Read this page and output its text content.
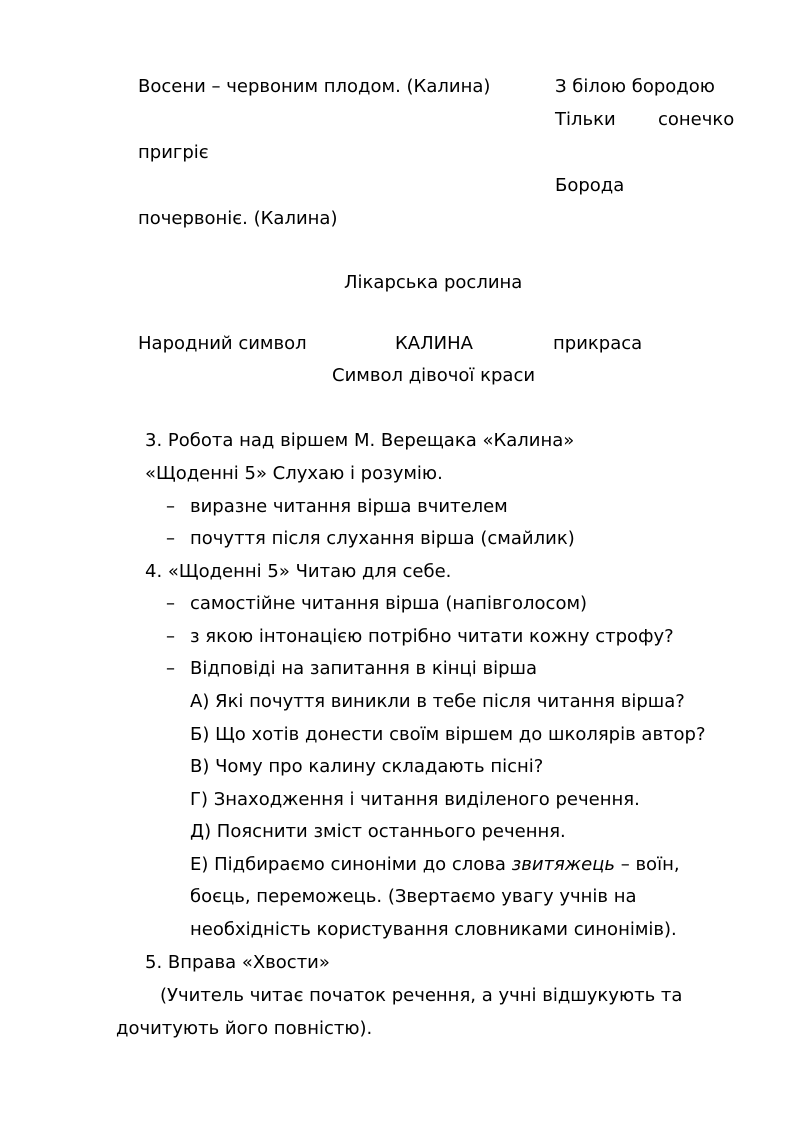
Восени – червоним плодом. (Калина)	З білою бородою
Тільки сонечко
пригріє
Борода
почервоніє. (Калина)
Лікарська рослина
Народний символ	КАЛИНА	прикраса
Символ дівочої краси
3. Робота над віршем М. Верещака «Калина»
«Щоденні 5» Слухаю і розумію.
– виразне читання вірша вчителем
– почуття після слухання вірша (смайлик)
4. «Щоденні 5» Читаю для себе.
– самостійне читання вірша (напівголосом)
– з якою інтонацією потрібно читати кожну строфу?
– Відповіді на запитання в кінці вірша
А) Які почуття виникли в тебе після читання вірша?
Б) Що хотів донести своїм віршем до школярів автор?
В) Чому про калину складають пісні?
Г) Знаходження і читання виділеного речення.
Д) Пояснити зміст останнього речення.
Е) Підбираємо синоніми до слова звитяжець – воїн,
боєць, переможець. (Звертаємо увагу учнів на
необхідність користування словниками синонімів).
5. Вправа «Хвости»
(Учитель читає початок речення, а учні відшукують та
дочитують його повністю).
